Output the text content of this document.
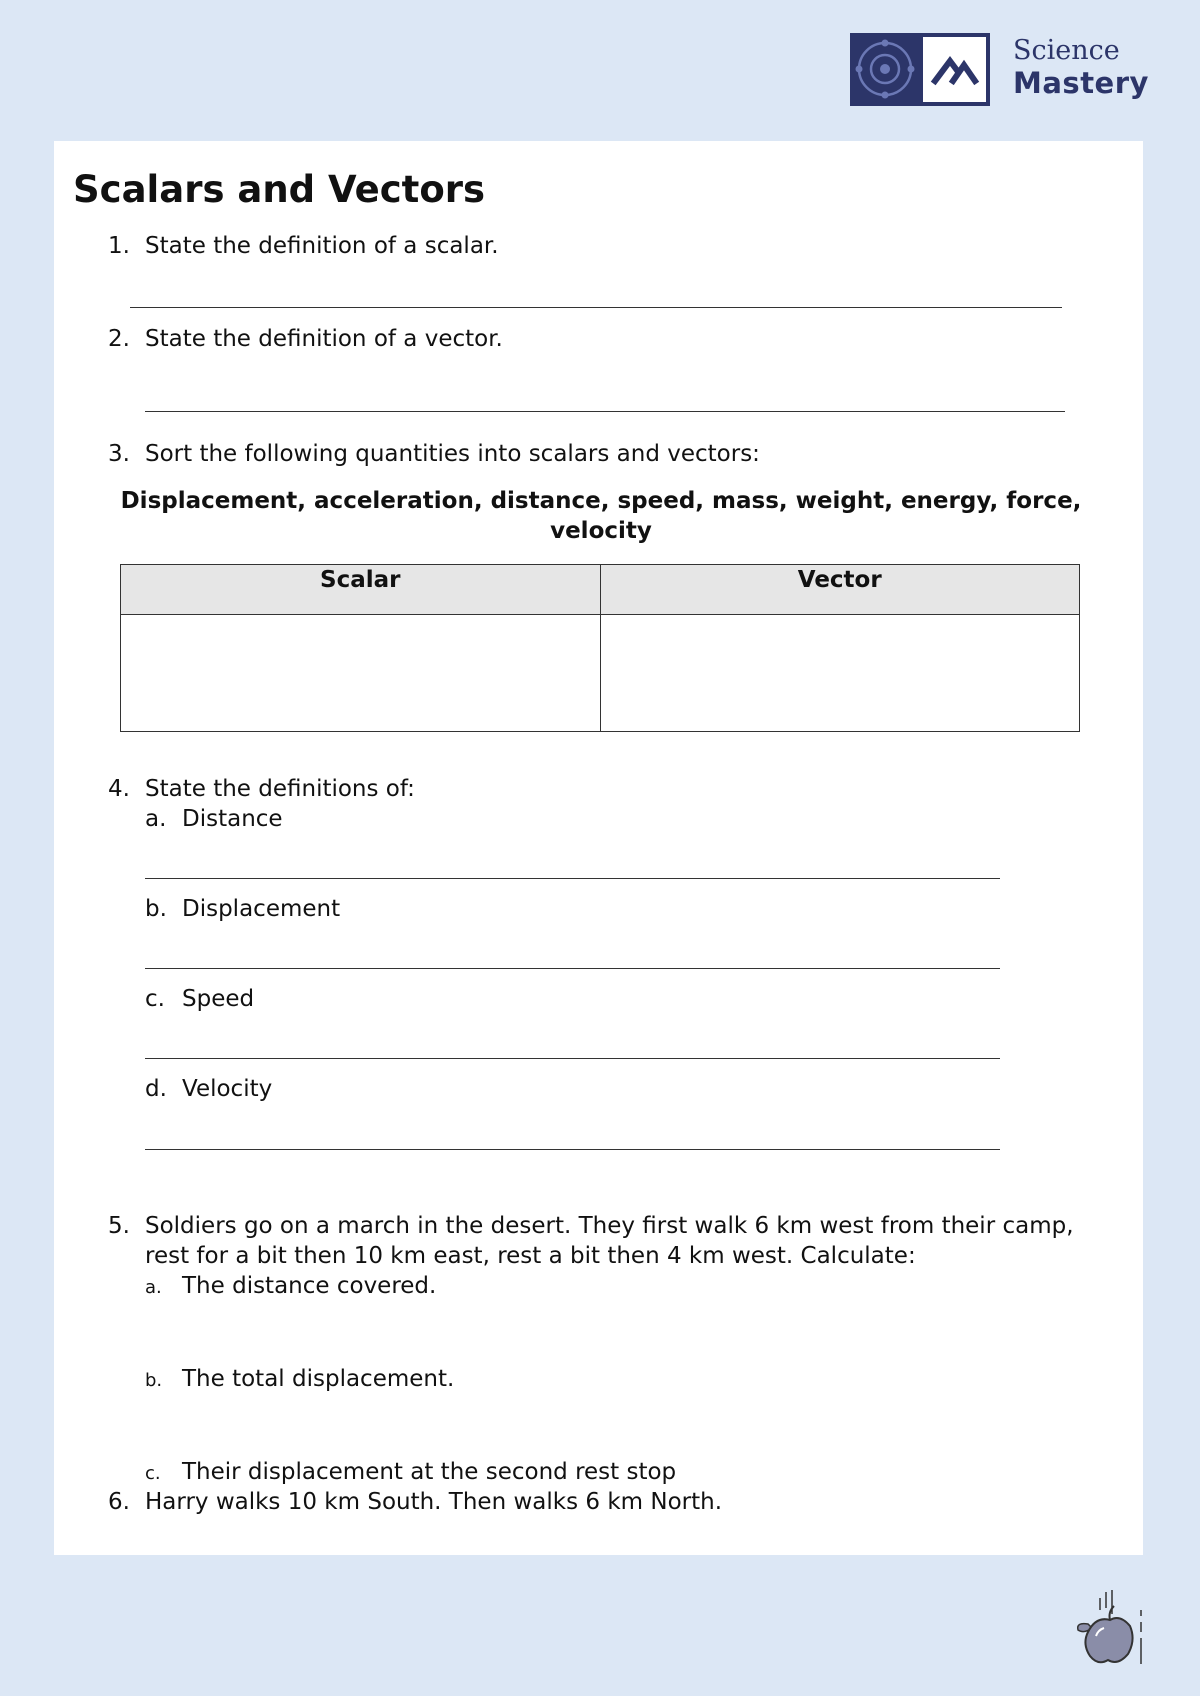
Science
Mastery
Scalars and Vectors
1. State the definition of a scalar.
2. State the definition of a vector.
3. Sort the following quantities into scalars and vectors:
Displacement, acceleration, distance, speed, mass, weight, energy, force, velocity
Scalar	Vector

4. State the definitions of:
a. Distance
b. Displacement
c. Speed
d. Velocity
5. Soldiers go on a march in the desert. They first walk 6 km west from their camp,
rest for a bit then 10 km east, rest a bit then 4 km west. Calculate:
a. The distance covered.
b. The total displacement.
c. Their displacement at the second rest stop
6. Harry walks 10 km South. Then walks 6 km North.
